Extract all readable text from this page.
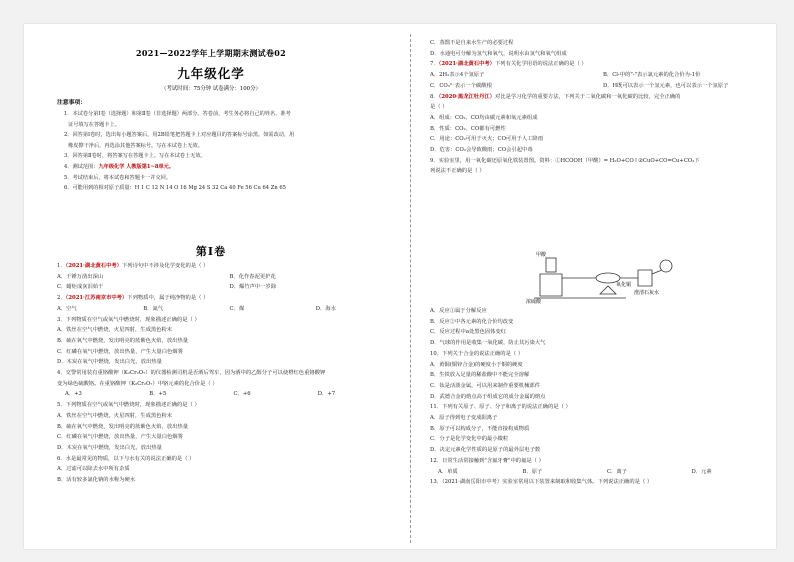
2021—2022学年上学期期末测试卷02
九年级化学
（考试时间：75分钟 试卷满分：100分）
注意事项：
1．本试卷分第Ⅰ卷（选择题）和第Ⅱ卷（非选择题）两部分。答卷前，考生务必将自己的姓名、准考
证号填写在答题卡上。
2．回答第Ⅰ卷时，选出每小题答案后，用2B铅笔把答题卡上对应题目的答案标号涂黑。如需改动，用
橡皮擦干净后，再选涂其他答案标号。写在本试卷上无效。
3．回答第Ⅱ卷时，将答案写在答题卡上。写在本试卷上无效。
4．测试范围：九年级化学 人教版第1~8单元。
5．考试结束后，将本试卷和答题卡一并交回。
6．可能用到的相对原子质量：H 1 C 12 N 14 O 16 Mg 24 S 32 Ca 40 Fe 56 Cu 64 Zn 65
第Ⅰ卷
1．（2021·湖北黄石中考）下列诗句中不涉及化学变化的是（ ）
A．千锤万凿出深山	B．化作春泥更护花
C．蜡炬成灰泪始干	D．爆竹声中一岁除
2．（2021·江苏南京市中考）下列物质中，属于纯净物的是（ ）
A．空气	B．氮气	C．煤	D．海水
3．下列物质在空气或氧气中燃烧时，现象描述正确的是（ ）
A．铁丝在空气中燃烧，火星四射，生成黑色粉末
B．硫在氧气中燃烧，发出明亮的蓝紫色火焰，放出热量
C．红磷在氧气中燃烧，放出热量，产生大量白色烟雾
D．木炭在氧气中燃烧，发出白光，放出热量
4．交警常用装有重铬酸钾（K₂Cr₂O₇）的仪器检测司机是否酒后驾车，因为酒中的乙醇分子可以使橙红色重铬酸钾
变为绿色硫酸铬。在重铬酸钾（K₂Cr₂O₇）中铬元素的化合价是（ ）
A．+3	B．+5	C．+6	D．+7
5．下列物质在空气或氧气中燃烧时，现象描述正确的是（ ）
A．铁丝在空气中燃烧，火星四射，生成黑色粉末
B．硫在氧气中燃烧，发出明亮的蓝紫色火焰，放出热量
C．红磷在氧气中燃烧，放出热量，产生大量白色烟雾
D．木炭在氧气中燃烧，发出白光，放出热量
6．水是最常见的物质，以下与水有关的说法正确的是（ ）
A．过滤可以除去水中所有杂质
B．活有较多氯化钠的水称为硬水
C．蒸馏不是自来水生产的必要过程
D．水通电可分解为氢气和氧气，说明水由氢气和氧气组成
7．（2021·湖北黄石中考）下列有关化学用语的说法正确的是（ ）
A．2H₂表示4个氢原子	B．Cl-中的"-"表示氯元素的化合价为-1价
C．CO₃²⁻表示一个碳酸根	D．H既可以表示一个氢元素，也可以表示一个氢原子
8．（2020·黑龙江牡丹江）对比是学习化学的重要方法，下列关于二氧化碳和一氧化碳的比较，完全正确的
是（ ）
A．组成：CO₂、CO均由碳元素和氧元素组成
B．性质：CO₂、CO都有可燃性
C．用途：CO₂可用于灭火；CO可用于人工降雨
D．危害：CO₂会导致酸雨；CO会引起中毒
9．实验室里，用一氧化碳还原氧化铁装置图。资料：①HCOOH（甲酸）= H₂O+CO↑②CuO+CO=Cu+CO₂下
列说法不正确的是（ ）
甲酸
浓硫酸
澄清石灰水
氧化铜
A．反应①属于分解反应
B．反应②中各元素的化合价均改变
C．反应过程中a处黑色固体变红
D．气球的作用是收集一氧化碳，防止其污染大气
10．下列关于合金的说法正确的是（ ）
A．黄铜(铜锌合金)的硬度小于铜的硬度
B．生铁放入足量的稀盐酸中不能完全溶解
C．钛是活泼金属，可以用来制作重要机械部件
D．武德合金的熔点高于组成它的成分金属的熔点
11．下列有关原子、原子、分子和离子的说法正确的是（ ）
A．原子得到电子变成阳离子
B．原子可以构成分子，不能直接构成物质
C．分子是化学变化中的最小微粒
D．决定元素化学性质的是原子的最外层电子数
12．日常生活常接触到"含氟牙膏"中的氟是（ ）
A．单质	B．原子	C．离子	D．元素
13．（2021·湖南岳阳市中考）实验室常用以下装置来制取和收集气体。下列说法正确的是（ ）
